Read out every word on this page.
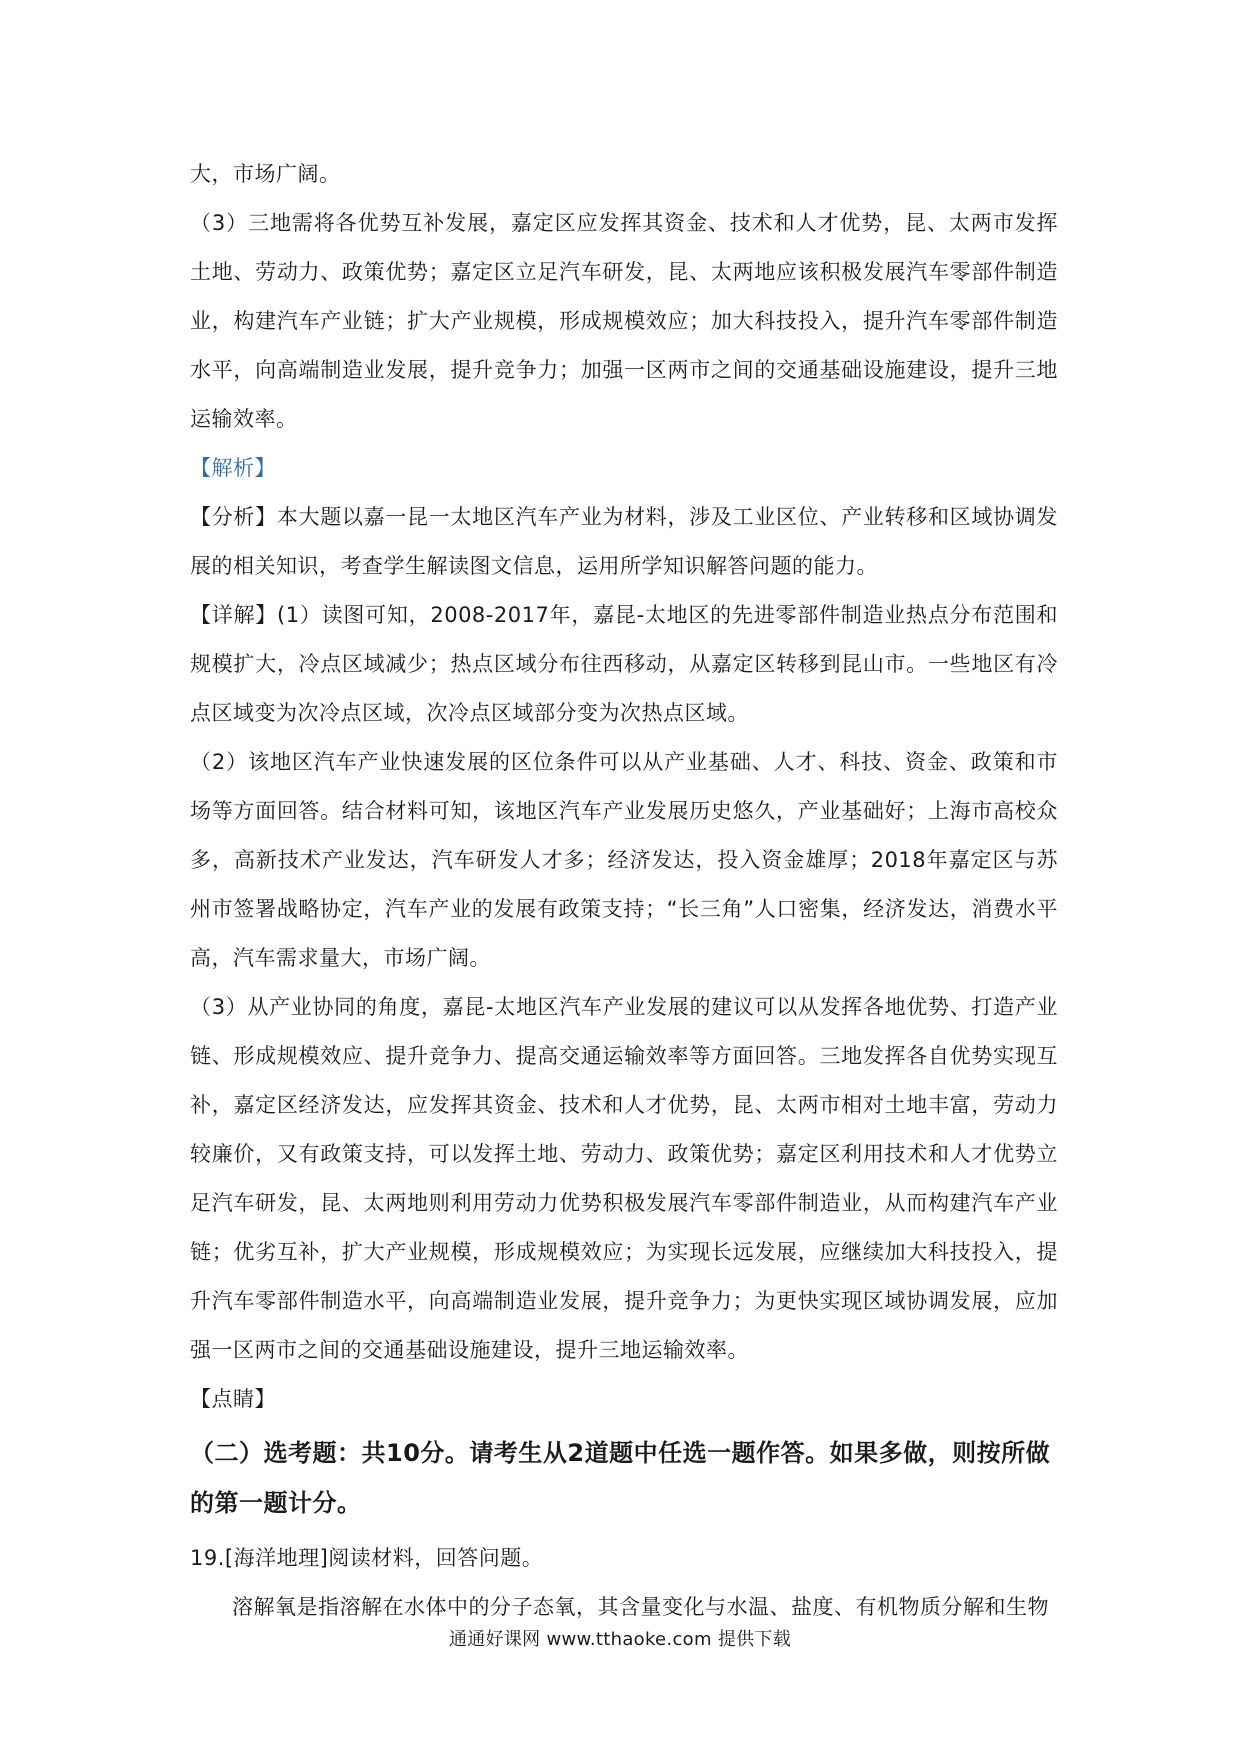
大，市场广阔。

（3）三地需将各优势互补发展，嘉定区应发挥其资金、技术和人才优势，昆、太两市发挥土地、劳动力、政策优势；嘉定区立足汽车研发，昆、太两地应该积极发展汽车零部件制造业，构建汽车产业链；扩大产业规模，形成规模效应；加大科技投入，提升汽车零部件制造水平，向高端制造业发展，提升竞争力；加强一区两市之间的交通基础设施建设，提升三地运输效率。

【解析】

【分析】本大题以嘉一昆一太地区汽车产业为材料，涉及工业区位、产业转移和区域协调发展的相关知识，考查学生解读图文信息，运用所学知识解答问题的能力。

【详解】(1）读图可知，2008-2017年，嘉昆-太地区的先进零部件制造业热点分布范围和规模扩大，冷点区域减少；热点区域分布往西移动，从嘉定区转移到昆山市。一些地区有冷点区域变为次冷点区域，次冷点区域部分变为次热点区域。

（2）该地区汽车产业快速发展的区位条件可以从产业基础、人才、科技、资金、政策和市场等方面回答。结合材料可知，该地区汽车产业发展历史悠久，产业基础好；上海市高校众多，高新技术产业发达，汽车研发人才多；经济发达，投入资金雄厚；2018年嘉定区与苏州市签署战略协定，汽车产业的发展有政策支持；“长三角”人口密集，经济发达，消费水平高，汽车需求量大，市场广阔。

（3）从产业协同的角度，嘉昆-太地区汽车产业发展的建议可以从发挥各地优势、打造产业链、形成规模效应、提升竞争力、提高交通运输效率等方面回答。三地发挥各自优势实现互补，嘉定区经济发达，应发挥其资金、技术和人才优势，昆、太两市相对土地丰富，劳动力较廉价，又有政策支持，可以发挥土地、劳动力、政策优势；嘉定区利用技术和人才优势立足汽车研发，昆、太两地则利用劳动力优势积极发展汽车零部件制造业，从而构建汽车产业链；优劣互补，扩大产业规模，形成规模效应；为实现长远发展，应继续加大科技投入，提升汽车零部件制造水平，向高端制造业发展，提升竞争力；为更快实现区域协调发展，应加强一区两市之间的交通基础设施建设，提升三地运输效率。

【点睛】

（二）选考题：共10分。请考生从2道题中任选一题作答。如果多做，则按所做的第一题计分。

19.[海洋地理]阅读材料，回答问题。

溶解氧是指溶解在水体中的分子态氧，其含量变化与水温、盐度、有机物质分解和生物

通通好课网 www.tthaoke.com 提供下载
